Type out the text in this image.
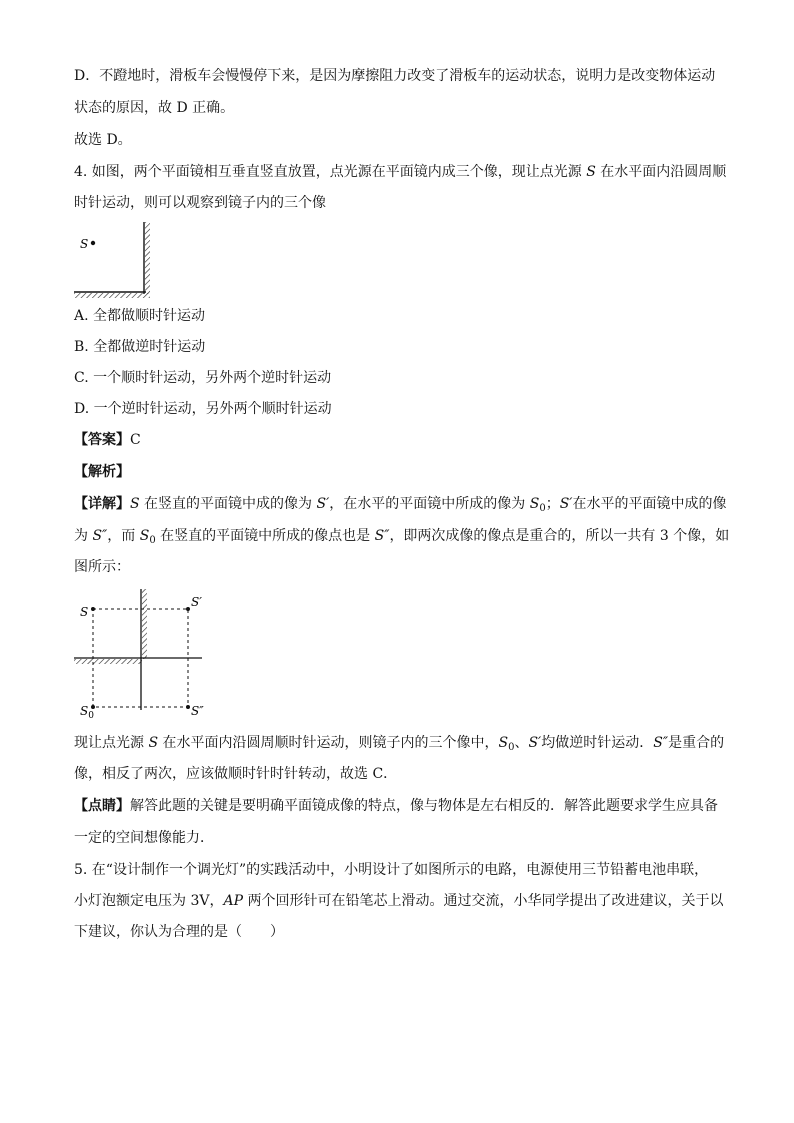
D．不蹬地时，滑板车会慢慢停下来，是因为摩擦阻力改变了滑板车的运动状态，说明力是改变物体运动
状态的原因，故 D 正确。
故选 D。
4. 如图，两个平面镜相互垂直竖直放置，点光源在平面镜内成三个像，现让点光源 S 在水平面内沿圆周顺
时针运动，则可以观察到镜子内的三个像
S
A. 全都做顺时针运动
B. 全都做逆时针运动
C. 一个顺时针运动，另外两个逆时针运动
D. 一个逆时针运动，另外两个顺时针运动
【答案】C
【解析】
【详解】S 在竖直的平面镜中成的像为 S′，在水平的平面镜中所成的像为 $S_0$；S′在水平的平面镜中成的像
为 S″，而 $S_0$ 在竖直的平面镜中所成的像点也是 S″，即两次成像的像点是重合的，所以一共有 3 个像，如
图所示：
S
S′
$S_0$	S″
现让点光源 S 在水平面内沿圆周顺时针运动，则镜子内的三个像中，$S_0$、S′均做逆时针运动．S″是重合的
像，相反了两次，应该做顺时针时针转动，故选 C．
【点睛】解答此题的关键是要明确平面镜成像的特点，像与物体是左右相反的．解答此题要求学生应具备
一定的空间想像能力．
5. 在“设计制作一个调光灯”的实践活动中，小明设计了如图所示的电路，电源使用三节铅蓄电池串联，
小灯泡额定电压为 3V，AP 两个回形针可在铅笔芯上滑动。通过交流，小华同学提出了改进建议，关于以
下建议，你认为合理的是（　　）
